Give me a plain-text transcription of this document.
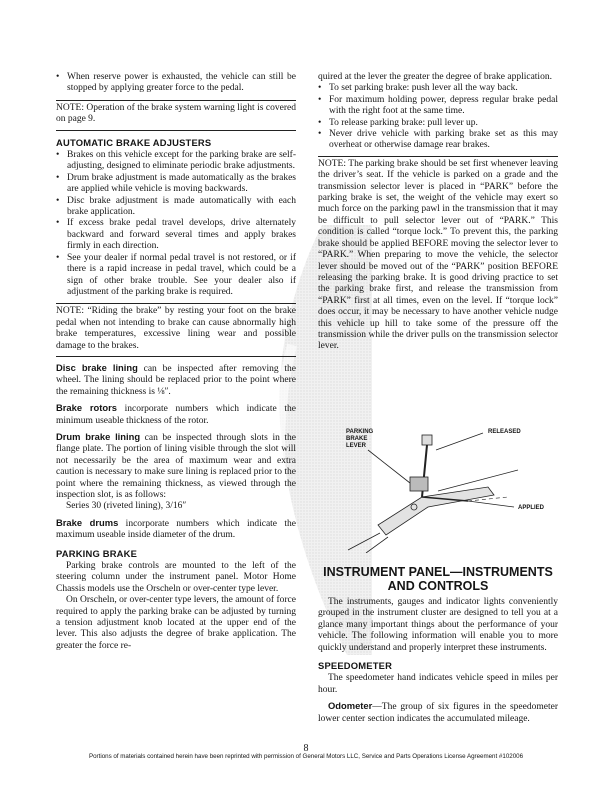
• When reserve power is exhausted, the vehicle can still be stopped by applying greater force to the pedal.

NOTE: Operation of the brake system warning light is covered on page 9.

AUTOMATIC BRAKE ADJUSTERS
• Brakes on this vehicle except for the parking brake are self-adjusting, designed to eliminate periodic brake adjustments.
• Drum brake adjustment is made automatically as the brakes are applied while vehicle is moving backwards.
• Disc brake adjustment is made automatically with each brake application.
• If excess brake pedal travel develops, drive alternately backward and forward several times and apply brakes firmly in each direction.
• See your dealer if normal pedal travel is not restored, or if there is a rapid increase in pedal travel, which could be a sign of other brake trouble. See your dealer also if adjustment of the parking brake is required.

NOTE: “Riding the brake” by resting your foot on the brake pedal when not intending to brake can cause abnormally high brake temperatures, excessive lining wear and possible damage to the brakes.

Disc brake lining can be inspected after removing the wheel. The lining should be replaced prior to the point where the remaining thickness is ⅛″.

Brake rotors incorporate numbers which indicate the minimum useable thickness of the rotor.

Drum brake lining can be inspected through slots in the flange plate. The portion of lining visible through the slot will not necessarily be the area of maximum wear and extra caution is necessary to make sure lining is replaced prior to the point where the remaining thickness, as viewed through the inspection slot, is as follows:

Series 30 (riveted lining), 3/16″

Brake drums incorporate numbers which indicate the maximum useable inside diameter of the drum.

PARKING BRAKE

Parking brake controls are mounted to the left of the steering column under the instrument panel. Motor Home Chassis models use the Orscheln or over-center type lever.

On Orscheln, or over-center type levers, the amount of force required to apply the parking brake can be adjusted by turning a tension adjustment knob located at the upper end of the lever. This also adjusts the degree of brake application. The greater the force re-

quired at the lever the greater the degree of brake application.

• To set parking brake: push lever all the way back.
• For maximum holding power, depress regular brake pedal with the right foot at the same time.
• To release parking brake: pull lever up.
• Never drive vehicle with parking brake set as this may overheat or otherwise damage rear brakes.

NOTE: The parking brake should be set first whenever leaving the driver’s seat. If the vehicle is parked on a grade and the transmission selector lever is placed in “PARK” before the parking brake is set, the weight of the vehicle may exert so much force on the parking pawl in the transmission that it may be difficult to pull selector lever out of “PARK.” This condition is called “torque lock.” To prevent this, the parking brake should be applied BEFORE moving the selector lever to “PARK.” When preparing to move the vehicle, the selector lever should be moved out of the “PARK” position BEFORE releasing the parking brake. It is good driving practice to set the parking brake first, and release the transmission from “PARK” first at all times, even on the level. If “torque lock” does occur, it may be necessary to have another vehicle nudge this vehicle up hill to take some of the pressure off the transmission while the driver pulls on the transmission selector lever.

PARKING BRAKE LEVER
RELEASED
APPLIED
INSTRUMENT PANEL—INSTRUMENTS AND CONTROLS

The instruments, gauges and indicator lights conveniently grouped in the instrument cluster are designed to tell you at a glance many important things about the performance of your vehicle. The following information will enable you to more quickly understand and properly interpret these instruments.

SPEEDOMETER

The speedometer hand indicates vehicle speed in miles per hour.

Odometer—The group of six figures in the speedometer lower center section indicates the accumulated mileage.

8
Portions of materials contained herein have been reprinted with permission of General Motors LLC, Service and Parts Operations License Agreement #102006
